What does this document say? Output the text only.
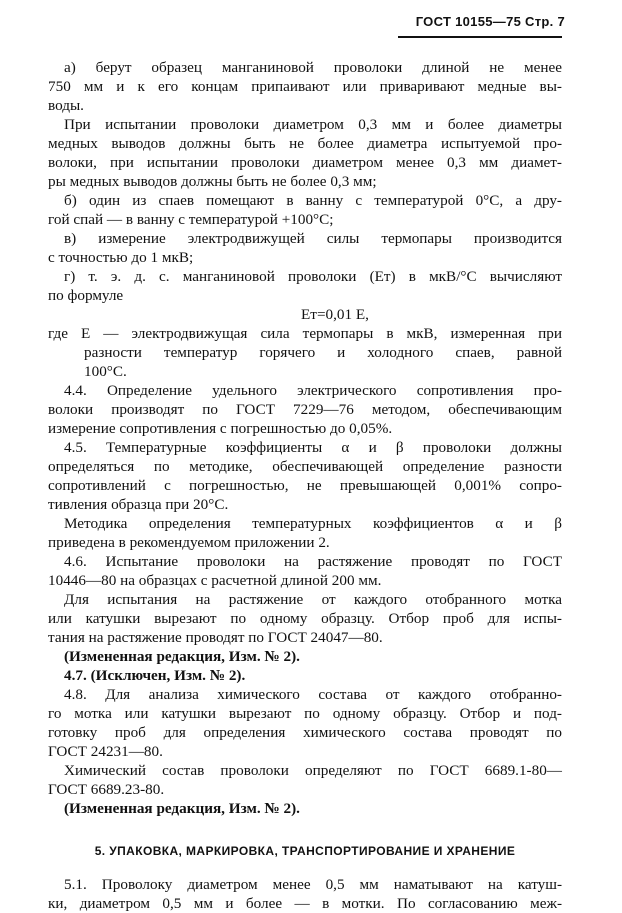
ГОСТ 10155—75 Стр. 7
а) берут образец манганиновой проволоки длиной не менее
750 мм и к его концам припаивают или приваривают медные вы-
воды.
При испытании проволоки диаметром 0,3 мм и более диаметры
медных выводов должны быть не более диаметра испытуемой про-
волоки, при испытании проволоки диаметром менее 0,3 мм диамет-
ры медных выводов должны быть не более 0,3 мм;
б) один из спаев помещают в ванну с температурой 0°С, а дру-
гой спай — в ванну с температурой +100°С;
в) измерение электродвижущей силы термопары производится
с точностью до 1 мкВ;
г) т. э. д. с. манганиновой проволоки (Ет) в мкВ/°С вычисляют
по формуле
Ет=0,01 Е,
где Е — электродвижущая сила термопары в мкВ, измеренная при
разности температур горячего и холодного спаев, равной
100°С.
4.4. Определение удельного электрического сопротивления про-
волоки производят по ГОСТ 7229—76 методом, обеспечивающим
измерение сопротивления с погрешностью до 0,05%.
4.5. Температурные коэффициенты α и β проволоки должны
определяться по методике, обеспечивающей определение разности
сопротивлений с погрешностью, не превышающей 0,001% сопро-
тивления образца при 20°С.
Методика определения температурных коэффициентов α и β
приведена в рекомендуемом приложении 2.
4.6. Испытание проволоки на растяжение проводят по ГОСТ
10446—80 на образцах с расчетной длиной 200 мм.
Для испытания на растяжение от каждого отобранного мотка
или катушки вырезают по одному образцу. Отбор проб для испы-
тания на растяжение проводят по ГОСТ 24047—80.
(Измененная редакция, Изм. № 2).
4.7. (Исключен, Изм. № 2).
4.8. Для анализа химического состава от каждого отобранно-
го мотка или катушки вырезают по одному образцу. Отбор и под-
готовку проб для определения химического состава проводят по
ГОСТ 24231—80.
Химический состав проволоки определяют по ГОСТ 6689.1-80—
ГОСТ 6689.23-80.
(Измененная редакция, Изм. № 2).
5. УПАКОВКА, МАРКИРОВКА, ТРАНСПОРТИРОВАНИЕ И ХРАНЕНИЕ
5.1. Проволоку диаметром менее 0,5 мм наматывают на катуш-
ки, диаметром 0,5 мм и более — в мотки. По согласованию меж-
